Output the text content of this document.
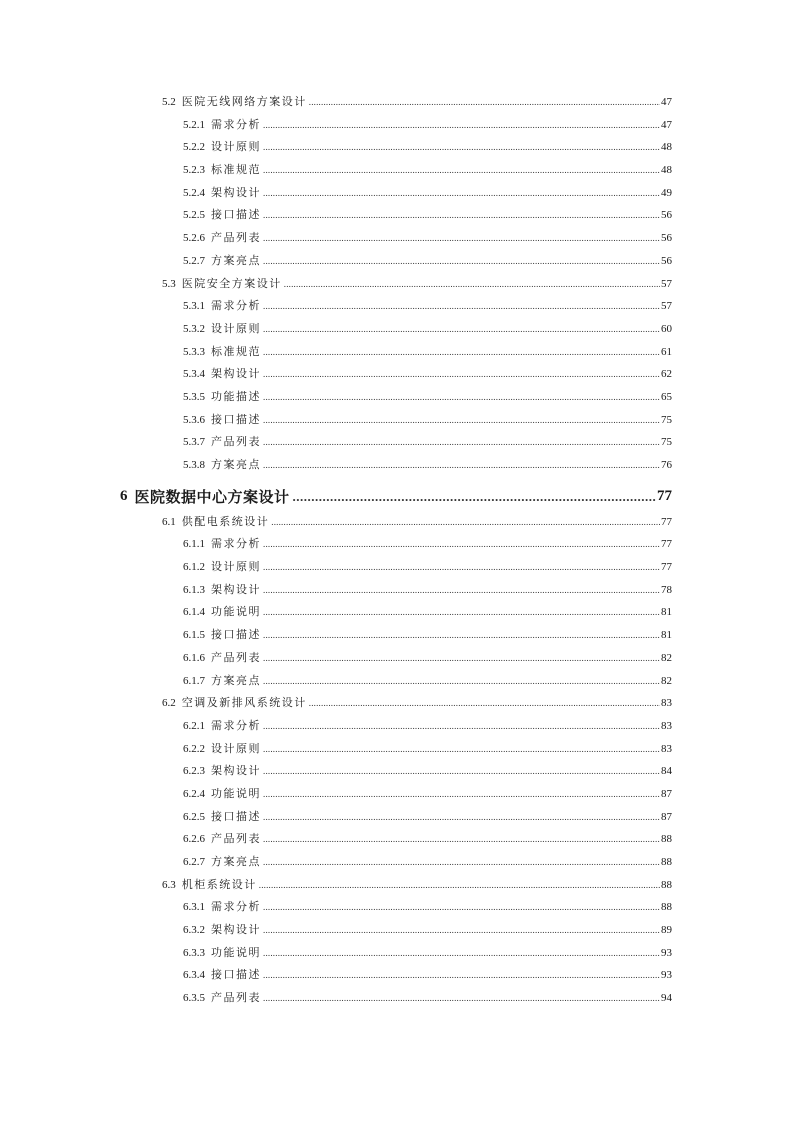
5.2 医院无线网络方案设计 .....	47
5.2.1 需求分析 .....	47
5.2.2 设计原则 .....	48
5.2.3 标准规范 .....	48
5.2.4 架构设计 .....	49
5.2.5 接口描述 .....	56
5.2.6 产品列表 .....	56
5.2.7 方案亮点 .....	56
5.3 医院安全方案设计 .....	57
5.3.1 需求分析 .....	57
5.3.2 设计原则 .....	60
5.3.3 标准规范 .....	61
5.3.4 架构设计 .....	62
5.3.5 功能描述 .....	65
5.3.6 接口描述 .....	75
5.3.7 产品列表 .....	75
5.3.8 方案亮点 .....	76
6 医院数据中心方案设计 .....	77
6.1 供配电系统设计 .....	77
6.1.1 需求分析 .....	77
6.1.2 设计原则 .....	77
6.1.3 架构设计 .....	78
6.1.4 功能说明 .....	81
6.1.5 接口描述 .....	81
6.1.6 产品列表 .....	82
6.1.7 方案亮点 .....	82
6.2 空调及新排风系统设计 .....	83
6.2.1 需求分析 .....	83
6.2.2 设计原则 .....	83
6.2.3 架构设计 .....	84
6.2.4 功能说明 .....	87
6.2.5 接口描述 .....	87
6.2.6 产品列表 .....	88
6.2.7 方案亮点 .....	88
6.3 机柜系统设计 .....	88
6.3.1 需求分析 .....	88
6.3.2 架构设计 .....	89
6.3.3 功能说明 .....	93
6.3.4 接口描述 .....	93
6.3.5 产品列表 .....	94
